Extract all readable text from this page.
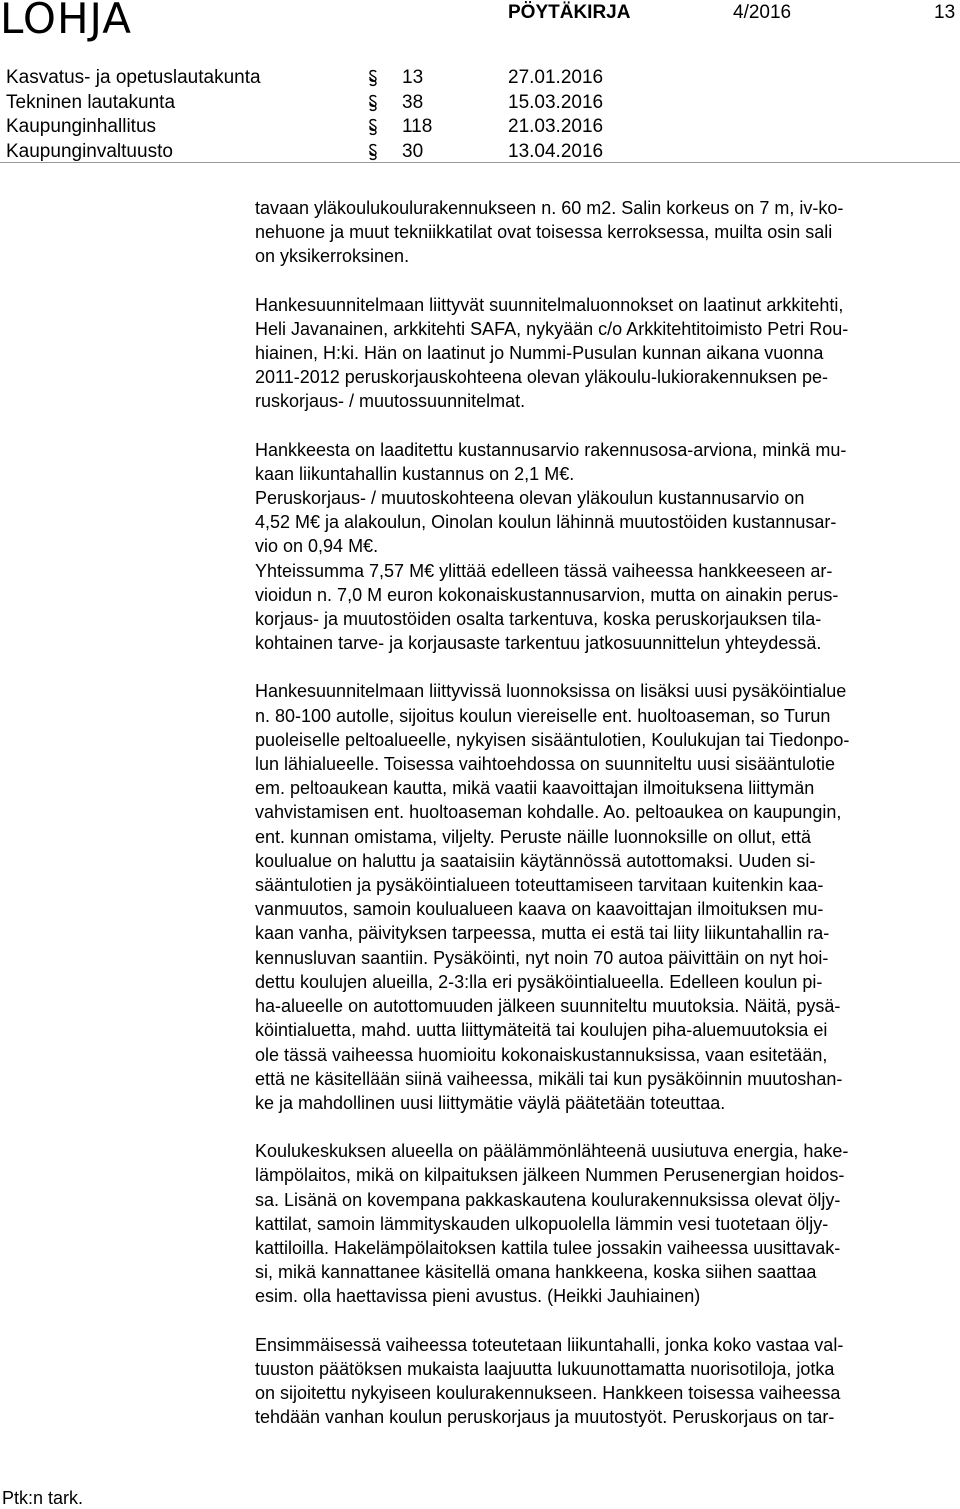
LOHJA	PÖYTÄKIRJA	4/2016	13
Kasvatus- ja opetuslautakunta	13	27.01.2016
Tekninen lautakunta	38	15.03.2016
Kaupunginhallitus	118	21.03.2016
Kaupunginvaltuusto	30	13.04.2016
tavaan yläkoulukoulurakennukseen n. 60 m2. Salin korkeus on 7 m, iv-ko-
nehuone ja muut tekniikkatilat ovat toisessa kerroksessa, muilta osin sali
on yksikerroksinen.
Hankesuunnitelmaan liittyvät suunnitelmaluonnokset on laatinut arkkitehti,
Heli Javanainen, arkkitehti SAFA, nykyään c/o Arkkitehtitoimisto Petri Rou-
hiainen, H:ki. Hän on laatinut jo Nummi-Pusulan kunnan aikana vuonna
2011-2012 peruskorjauskohteena olevan yläkoulu-lukiorakennuksen pe-
ruskorjaus- / muutossuunnitelmat.
Hankkeesta on laaditettu kustannusarvio rakennusosa-arviona, minkä mu-
kaan liikuntahallin kustannus on 2,1 M€.
Peruskorjaus- / muutoskohteena olevan yläkoulun kustannusarvio on
4,52 M€ ja alakoulun, Oinolan koulun lähinnä muutostöiden kustannusar-
vio on 0,94 M€.
Yhteissumma 7,57 M€ ylittää edelleen tässä vaiheessa hankkeeseen ar-
vioidun n. 7,0 M euron kokonaiskustannusarvion, mutta on ainakin perus-
korjaus- ja muutostöiden osalta tarkentuva, koska peruskorjauksen tila-
kohtainen tarve- ja korjausaste tarkentuu jatkosuunnittelun yhteydessä.
Hankesuunnitelmaan liittyvissä luonnoksissa on lisäksi uusi pysäköintialue
n. 80-100 autolle, sijoitus koulun viereiselle ent. huoltoaseman, so Turun
puoleiselle peltoalueelle, nykyisen sisääntulotien, Koulukujan tai Tiedonpo-
lun lähialueelle. Toisessa vaihtoehdossa on suunniteltu uusi sisääntulotie
em. peltoaukean kautta, mikä vaatii kaavoittajan ilmoituksena liittymän
vahvistamisen ent. huoltoaseman kohdalle. Ao. peltoaukea on kaupungin,
ent. kunnan omistama, viljelty. Peruste näille luonnoksille on ollut, että
koulualue on haluttu ja saataisiin käytännössä autottomaksi. Uuden si-
sääntulotien ja pysäköintialueen toteuttamiseen tarvitaan kuitenkin kaa-
vanmuutos, samoin koulualueen kaava on kaavoittajan ilmoituksen mu-
kaan vanha, päivityksen tarpeessa, mutta ei estä tai liity liikuntahallin ra-
kennusluvan saantiin. Pysäköinti, nyt noin 70 autoa päivittäin on nyt hoi-
dettu koulujen alueilla, 2-3:lla eri pysäköintialueella. Edelleen koulun pi-
ha-alueelle on autottomuuden jälkeen suunniteltu muutoksia. Näitä, pysä-
köintialuetta, mahd. uutta liittymäteitä tai koulujen piha-aluemuutoksia ei
ole tässä vaiheessa huomioitu kokonaiskustannuksissa, vaan esitetään,
että ne käsitellään siinä vaiheessa, mikäli tai kun pysäköinnin muutoshan-
ke ja mahdollinen uusi liittymätie väylä päätetään toteuttaa.
Koulukeskuksen alueella on päälämmönlähteenä uusiutuva energia, hake-
lämpölaitos, mikä on kilpaituksen jälkeen Nummen Perusenergian hoidos-
sa. Lisänä on kovempana pakkaskautena koulurakennuksissa olevat öljy-
kattilat, samoin lämmityskauden ulkopuolella lämmin vesi tuotetaan öljy-
kattiloilla. Hakelämpölaitoksen kattila tulee jossakin vaiheessa uusittavak-
si, mikä kannattanee käsitellä omana hankkeena, koska siihen saattaa
esim. olla haettavissa pieni avustus. (Heikki Jauhiainen)
Ensimmäisessä vaiheessa toteutetaan liikuntahalli, jonka koko vastaa val-
tuuston päätöksen mukaista laajuutta lukuunottamatta nuorisotiloja, jotka
on sijoitettu nykyiseen koulurakennukseen. Hankkeen toisessa vaiheessa
tehdään vanhan koulun peruskorjaus ja muutostyöt. Peruskorjaus on tar-
Ptk:n tark.
